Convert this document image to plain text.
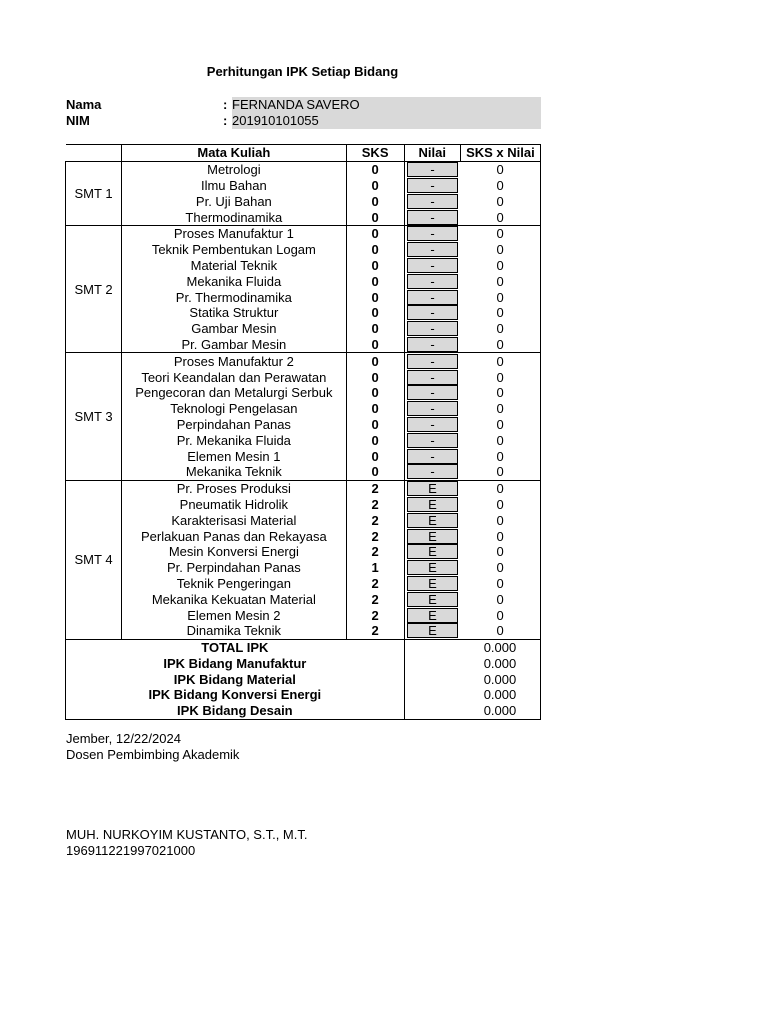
Perhitungan IPK Setiap Bidang
Nama	: FERNANDA SAVERO
NIM	: 201910101055
	Mata Kuliah	SKS	Nilai	SKS x Nilai
SMT 1	Metrologi	0	-	0
	Ilmu Bahan	0	-	0
	Pr. Uji Bahan	0	-	0
	Thermodinamika	0	-	0
SMT 2	Proses Manufaktur 1	0	-	0
	Teknik Pembentukan Logam	0	-	0
	Material Teknik	0	-	0
	Mekanika Fluida	0	-	0
	Pr. Thermodinamika	0	-	0
	Statika Struktur	0	-	0
	Gambar Mesin	0	-	0
	Pr. Gambar Mesin	0	-	0
SMT 3	Proses Manufaktur 2	0	-	0
	Teori Keandalan dan Perawatan	0	-	0
	Pengecoran dan Metalurgi Serbuk	0	-	0
	Teknologi Pengelasan	0	-	0
	Perpindahan Panas	0	-	0
	Pr. Mekanika Fluida	0	-	0
	Elemen Mesin 1	0	-	0
	Mekanika Teknik	0	-	0
SMT 4	Pr. Proses Produksi	2	E	0
	Pneumatik Hidrolik	2	E	0
	Karakterisasi Material	2	E	0
	Perlakuan Panas dan Rekayasa	2	E	0
	Mesin Konversi Energi	2	E	0
	Pr. Perpindahan Panas	1	E	0
	Teknik Pengeringan	2	E	0
	Mekanika Kekuatan Material	2	E	0
	Elemen Mesin 2	2	E	0
	Dinamika Teknik	2	E	0
TOTAL IPK			0.000	
IPK Bidang Manufaktur			0.000	
IPK Bidang Material			0.000	
IPK Bidang Konversi Energi			0.000	
IPK Bidang Desain			0.000	
Jember, 12/22/2024
Dosen Pembimbing Akademik
MUH. NURKOYIM KUSTANTO, S.T., M.T.
196911221997021000
